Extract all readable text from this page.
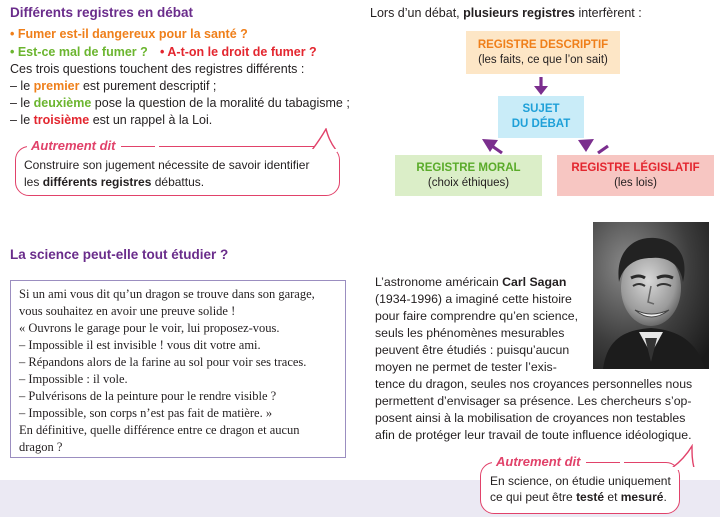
Différents registres en débat
• Fumer est-il dangereux pour la santé ?
• Est-ce mal de fumer ? • A-t-on le droit de fumer ?
Ces trois questions touchent des registres différents :
– le premier est purement descriptif ;
– le deuxième pose la question de la moralité du tabagisme ;
– le troisième est un rappel à la Loi.
Autrement dit
Construire son jugement nécessite de savoir identifier
les différents registres débattus.
Lors d’un débat, plusieurs registres interfèrent :
REGISTRE DESCRIPTIF
(les faits, ce que l’on sait)
SUJET
DU DÉBAT
REGISTRE MORAL
(choix éthiques)
REGISTRE LÉGISLATIF
(les lois)
La science peut-elle tout étudier ?
Si un ami vous dit qu’un dragon se trouve dans son garage,
vous souhaitez en avoir une preuve solide !
« Ouvrons le garage pour le voir, lui proposez-vous.
– Impossible il est invisible ! vous dit votre ami.
– Répandons alors de la farine au sol pour voir ses traces.
– Impossible : il vole.
– Pulvérisons de la peinture pour le rendre visible ?
– Impossible, son corps n’est pas fait de matière. »
En définitive, quelle différence entre ce dragon et aucun
dragon ?
L’astronome américain Carl Sagan
(1934-1996) a imaginé cette histoire
pour faire comprendre qu’en science,
seuls les phénomènes mesurables
peuvent être étudiés : puisqu’aucun
moyen ne permet de tester l’exis-
tence du dragon, seules nos croyances personnelles nous
permettent d’envisager sa présence. Les chercheurs s’op-
posent ainsi à la mobilisation de croyances non testables
afin de protéger leur travail de toute influence idéologique.
Autrement dit
En science, on étudie uniquement
ce qui peut être testé et mesuré.
